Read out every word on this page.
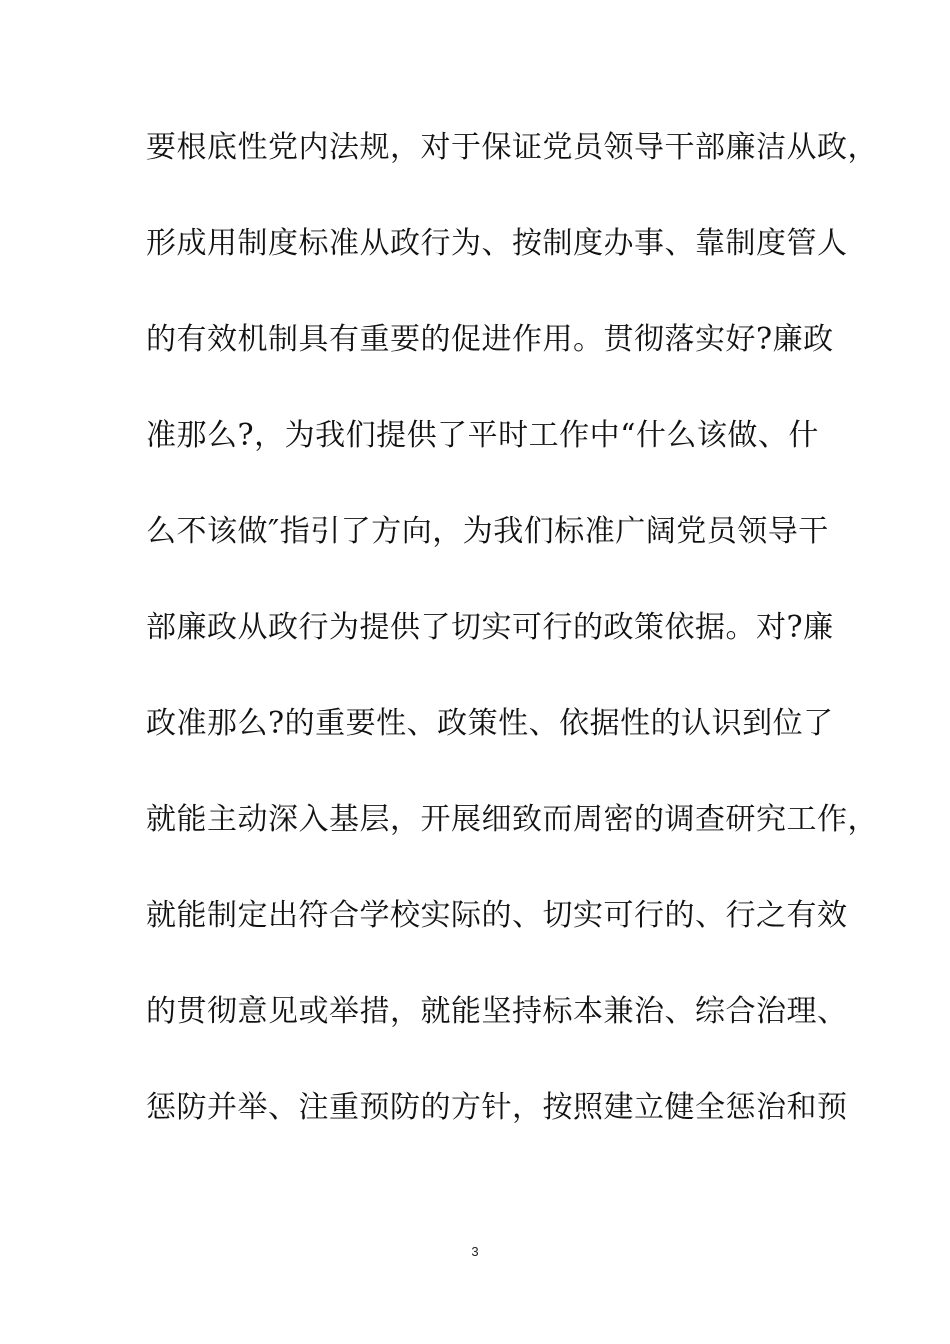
要根底性党内法规，对于保证党员领导干部廉洁从政，
形成用制度标准从政行为、按制度办事、靠制度管人
的有效机制具有重要的促进作用。贯彻落实好?廉政
准那么?，为我们提供了平时工作中“什么该做、什
么不该做″指引了方向，为我们标准广阔党员领导干
部廉政从政行为提供了切实可行的政策依据。对?廉
政准那么?的重要性、政策性、依据性的认识到位了
就能主动深入基层，开展细致而周密的调查研究工作，
就能制定出符合学校实际的、切实可行的、行之有效
的贯彻意见或举措，就能坚持标本兼治、综合治理、
惩防并举、注重预防的方针，按照建立健全惩治和预
3
